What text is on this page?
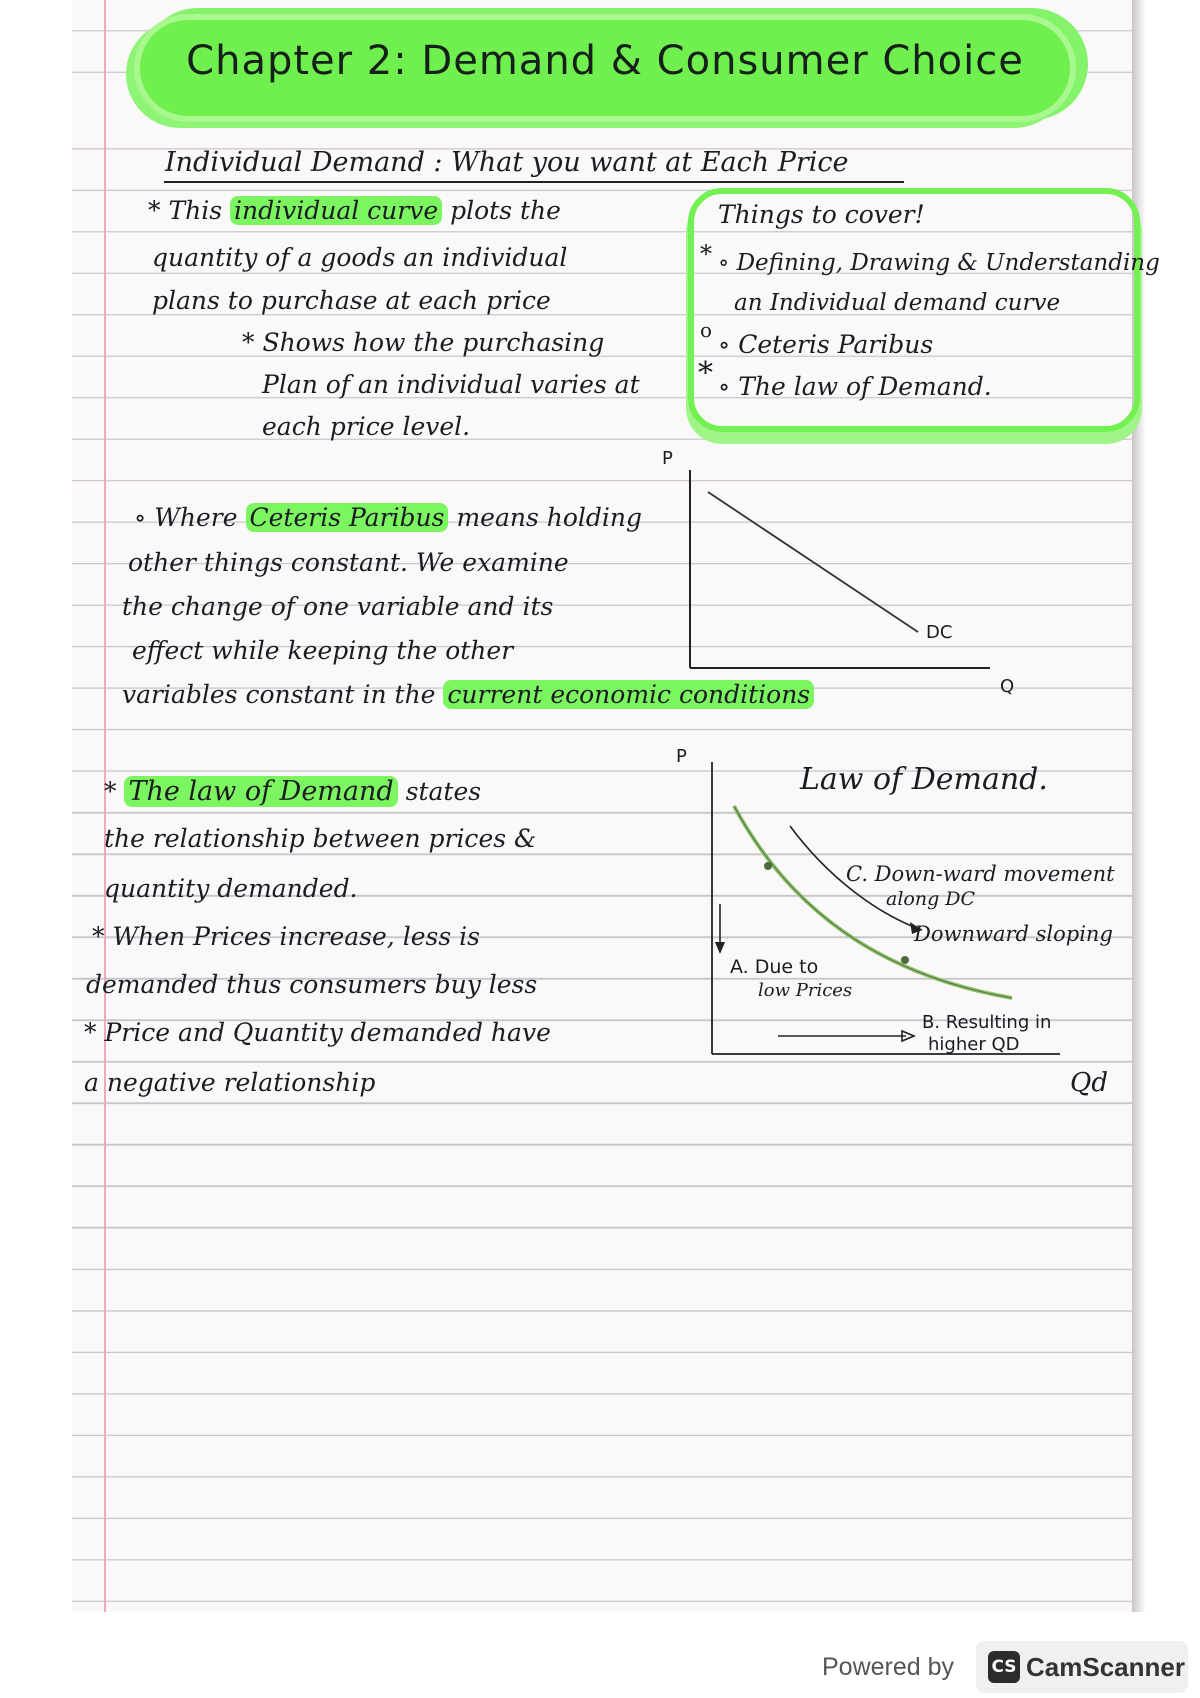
Chapter 2: Demand & Consumer Choice
Individual Demand : What you want at Each Price
* This individual curve plots the
quantity of a goods an individual
plans to purchase at each price
* Shows how the purchasing
Plan of an individual varies at
each price level.
Things to cover!
* ∘ Defining, Drawing & Understanding
an Individual demand curve
o ∘ Ceteris Paribus
* ∘ The law of Demand.
∘ Where Ceteris Paribus means holding
other things constant. We examine
the change of one variable and its
effect while keeping the other
variables constant in the current economic conditions
P
Q
DC
* The law of Demand states
the relationship between prices &
quantity demanded.
* When Prices increase, less is
demanded thus consumers buy less
* Price and Quantity demanded have
a negative relationship
P
Law of Demand.
C. Down-ward movement
along DC
Downward sloping
A. Due to
low Prices
B. Resulting in
higher QD
Qd
Powered by CS CamScanner
